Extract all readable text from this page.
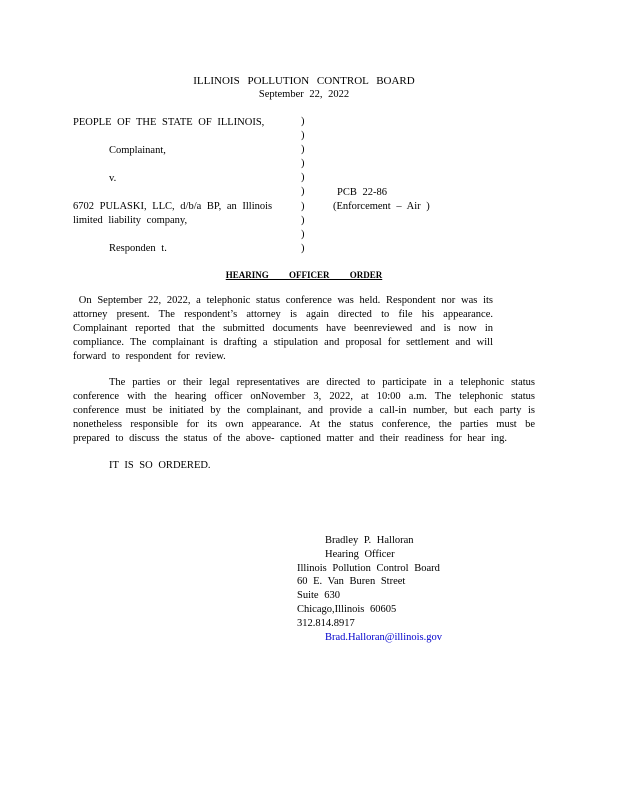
ILLINOIS POLLUTION CONTROL BOARD
September 22, 2022
PEOPLE OF THE STATE OF ILLINOIS,
Complainant,
v.
6702 PULASKI, LLC, d/b/a BP, an Illinois
limited liability company,
Responden t.
)
)
)
)
)
)
)
)
)
)
PCB 22-86
(Enforcement – Air )
HEARING OFFICER ORDER
On September 22, 2022, a telephonic status conference was held. Respondent nor was its attorney present. The respondent’s attorney is again directed to file his appearance. Complainant reported that the submitted documents have beenreviewed and is now in compliance. The complainant is drafting a stipulation and proposal for settlement and will forward to respondent for review.
The parties or their legal representatives are directed to participate in a telephonic status conference with the hearing officer onNovember 3, 2022, at 10:00 a.m. The telephonic status conference must be initiated by the complainant, and provide a call-in number, but each party is nonetheless responsible for its own appearance. At the status conference, the parties must be prepared to discuss the status of the above- captioned matter and their readiness for hear ing.
IT IS SO ORDERED.
Bradley P. Halloran
Hearing Officer
Illinois Pollution Control Board
60 E. Van Buren Street
Suite 630
Chicago,Illinois 60605
312.814.8917
Brad.Halloran@illinois.gov
